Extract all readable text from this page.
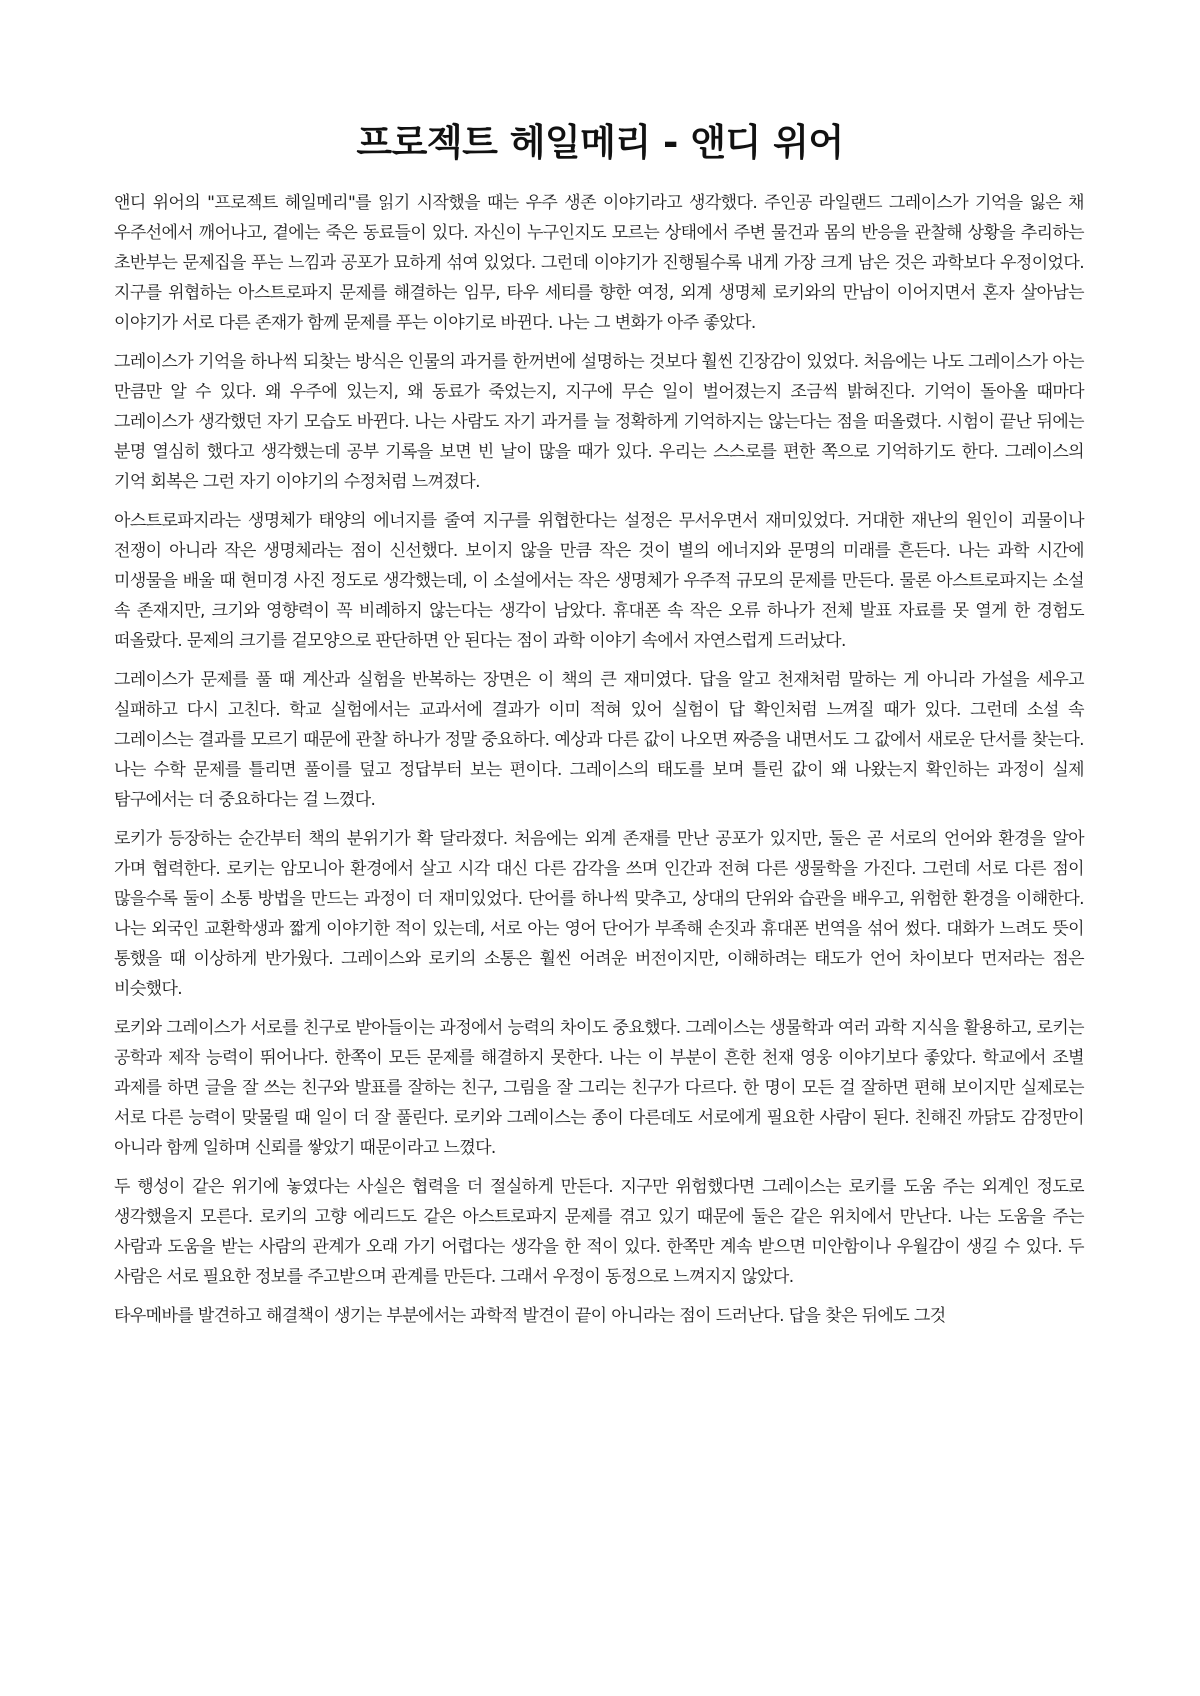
프로젝트 헤일메리 - 앤디 위어

앤디 위어의 "프로젝트 헤일메리"를 읽기 시작했을 때는 우주 생존 이야기라고 생각했다. 주인공 라일랜드 그레이스가 기억을 잃은 채 우주선에서 깨어나고, 곁에는 죽은 동료들이 있다. 자신이 누구인지도 모르는 상태에서 주변 물건과 몸의 반응을 관찰해 상황을 추리하는 초반부는 문제집을 푸는 느낌과 공포가 묘하게 섞여 있었다. 그런데 이야기가 진행될수록 내게 가장 크게 남은 것은 과학보다 우정이었다. 지구를 위협하는 아스트로파지 문제를 해결하는 임무, 타우 세티를 향한 여정, 외계 생명체 로키와의 만남이 이어지면서 혼자 살아남는 이야기가 서로 다른 존재가 함께 문제를 푸는 이야기로 바뀐다. 나는 그 변화가 아주 좋았다.

그레이스가 기억을 하나씩 되찾는 방식은 인물의 과거를 한꺼번에 설명하는 것보다 훨씬 긴장감이 있었다. 처음에는 나도 그레이스가 아는 만큼만 알 수 있다. 왜 우주에 있는지, 왜 동료가 죽었는지, 지구에 무슨 일이 벌어졌는지 조금씩 밝혀진다. 기억이 돌아올 때마다 그레이스가 생각했던 자기 모습도 바뀐다. 나는 사람도 자기 과거를 늘 정확하게 기억하지는 않는다는 점을 떠올렸다. 시험이 끝난 뒤에는 분명 열심히 했다고 생각했는데 공부 기록을 보면 빈 날이 많을 때가 있다. 우리는 스스로를 편한 쪽으로 기억하기도 한다. 그레이스의 기억 회복은 그런 자기 이야기의 수정처럼 느껴졌다.

아스트로파지라는 생명체가 태양의 에너지를 줄여 지구를 위협한다는 설정은 무서우면서 재미있었다. 거대한 재난의 원인이 괴물이나 전쟁이 아니라 작은 생명체라는 점이 신선했다. 보이지 않을 만큼 작은 것이 별의 에너지와 문명의 미래를 흔든다. 나는 과학 시간에 미생물을 배울 때 현미경 사진 정도로 생각했는데, 이 소설에서는 작은 생명체가 우주적 규모의 문제를 만든다. 물론 아스트로파지는 소설 속 존재지만, 크기와 영향력이 꼭 비례하지 않는다는 생각이 남았다. 휴대폰 속 작은 오류 하나가 전체 발표 자료를 못 열게 한 경험도 떠올랐다. 문제의 크기를 겉모양으로 판단하면 안 된다는 점이 과학 이야기 속에서 자연스럽게 드러났다.

그레이스가 문제를 풀 때 계산과 실험을 반복하는 장면은 이 책의 큰 재미였다. 답을 알고 천재처럼 말하는 게 아니라 가설을 세우고 실패하고 다시 고친다. 학교 실험에서는 교과서에 결과가 이미 적혀 있어 실험이 답 확인처럼 느껴질 때가 있다. 그런데 소설 속 그레이스는 결과를 모르기 때문에 관찰 하나가 정말 중요하다. 예상과 다른 값이 나오면 짜증을 내면서도 그 값에서 새로운 단서를 찾는다. 나는 수학 문제를 틀리면 풀이를 덮고 정답부터 보는 편이다. 그레이스의 태도를 보며 틀린 값이 왜 나왔는지 확인하는 과정이 실제 탐구에서는 더 중요하다는 걸 느꼈다.

로키가 등장하는 순간부터 책의 분위기가 확 달라졌다. 처음에는 외계 존재를 만난 공포가 있지만, 둘은 곧 서로의 언어와 환경을 알아 가며 협력한다. 로키는 암모니아 환경에서 살고 시각 대신 다른 감각을 쓰며 인간과 전혀 다른 생물학을 가진다. 그런데 서로 다른 점이 많을수록 둘이 소통 방법을 만드는 과정이 더 재미있었다. 단어를 하나씩 맞추고, 상대의 단위와 습관을 배우고, 위험한 환경을 이해한다. 나는 외국인 교환학생과 짧게 이야기한 적이 있는데, 서로 아는 영어 단어가 부족해 손짓과 휴대폰 번역을 섞어 썼다. 대화가 느려도 뜻이 통했을 때 이상하게 반가웠다. 그레이스와 로키의 소통은 훨씬 어려운 버전이지만, 이해하려는 태도가 언어 차이보다 먼저라는 점은 비슷했다.

로키와 그레이스가 서로를 친구로 받아들이는 과정에서 능력의 차이도 중요했다. 그레이스는 생물학과 여러 과학 지식을 활용하고, 로키는 공학과 제작 능력이 뛰어나다. 한쪽이 모든 문제를 해결하지 못한다. 나는 이 부분이 흔한 천재 영웅 이야기보다 좋았다. 학교에서 조별 과제를 하면 글을 잘 쓰는 친구와 발표를 잘하는 친구, 그림을 잘 그리는 친구가 다르다. 한 명이 모든 걸 잘하면 편해 보이지만 실제로는 서로 다른 능력이 맞물릴 때 일이 더 잘 풀린다. 로키와 그레이스는 종이 다른데도 서로에게 필요한 사람이 된다. 친해진 까닭도 감정만이 아니라 함께 일하며 신뢰를 쌓았기 때문이라고 느꼈다.

두 행성이 같은 위기에 놓였다는 사실은 협력을 더 절실하게 만든다. 지구만 위험했다면 그레이스는 로키를 도움 주는 외계인 정도로 생각했을지 모른다. 로키의 고향 에리드도 같은 아스트로파지 문제를 겪고 있기 때문에 둘은 같은 위치에서 만난다. 나는 도움을 주는 사람과 도움을 받는 사람의 관계가 오래 가기 어렵다는 생각을 한 적이 있다. 한쪽만 계속 받으면 미안함이나 우월감이 생길 수 있다. 두 사람은 서로 필요한 정보를 주고받으며 관계를 만든다. 그래서 우정이 동정으로 느껴지지 않았다.

타우메바를 발견하고 해결책이 생기는 부분에서는 과학적 발견이 끝이 아니라는 점이 드러난다. 답을 찾은 뒤에도 그것
